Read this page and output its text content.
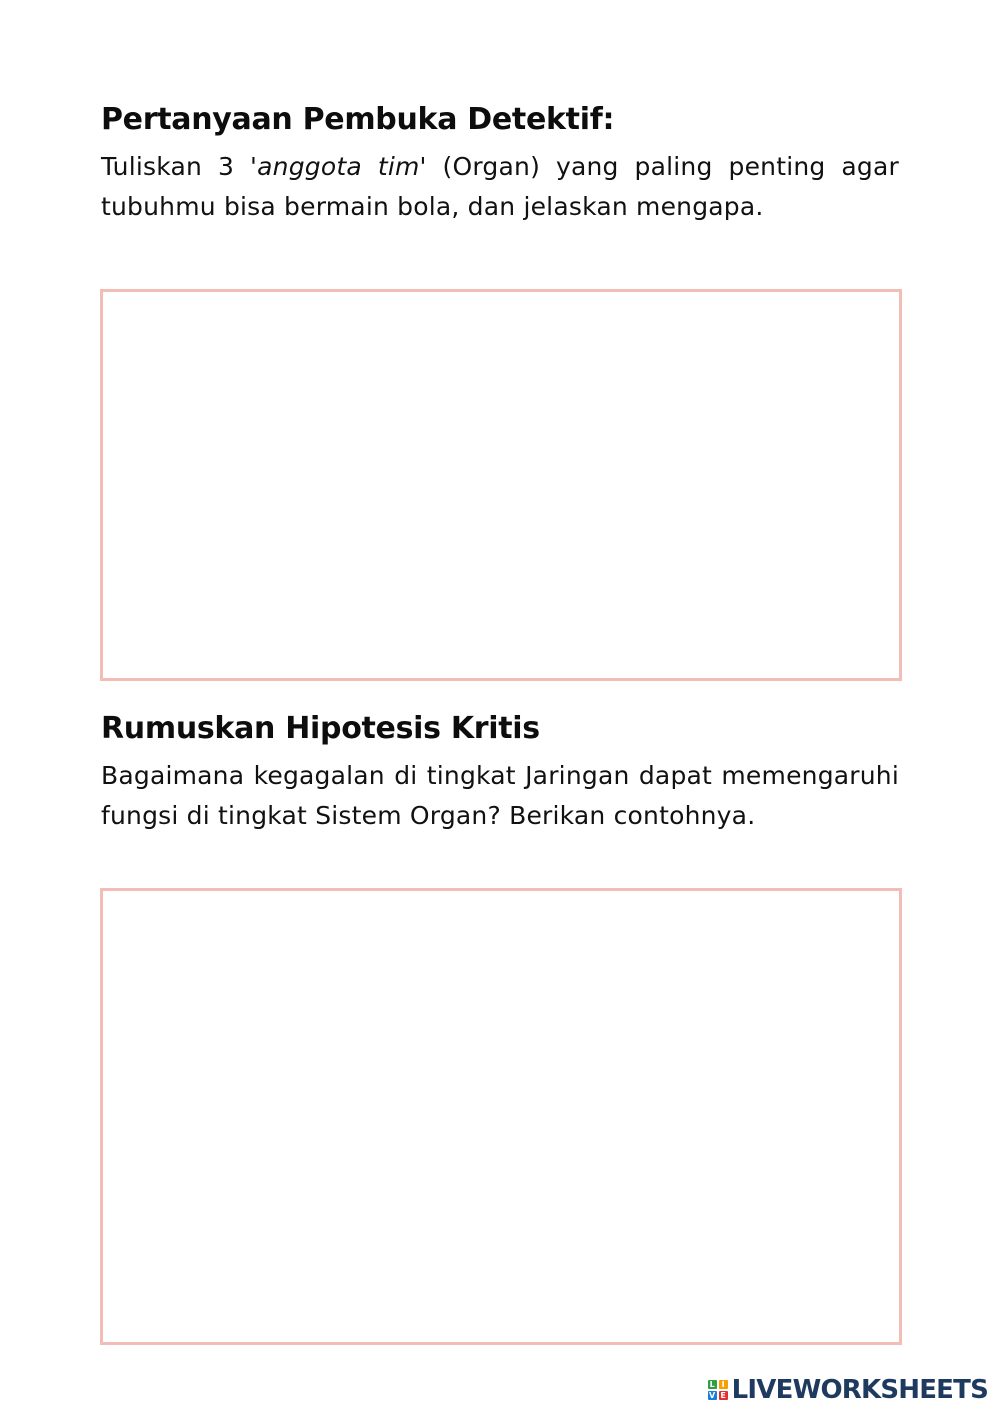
Pertanyaan Pembuka Detektif:

Tuliskan 3 'anggota tim' (Organ) yang paling penting agar tubuhmu bisa bermain bola, dan jelaskan mengapa.

Rumuskan Hipotesis Kritis

Bagaimana kegagalan di tingkat Jaringan dapat memengaruhi fungsi di tingkat Sistem Organ? Berikan contohnya.

L I
V E LIVEWORKSHEETS
